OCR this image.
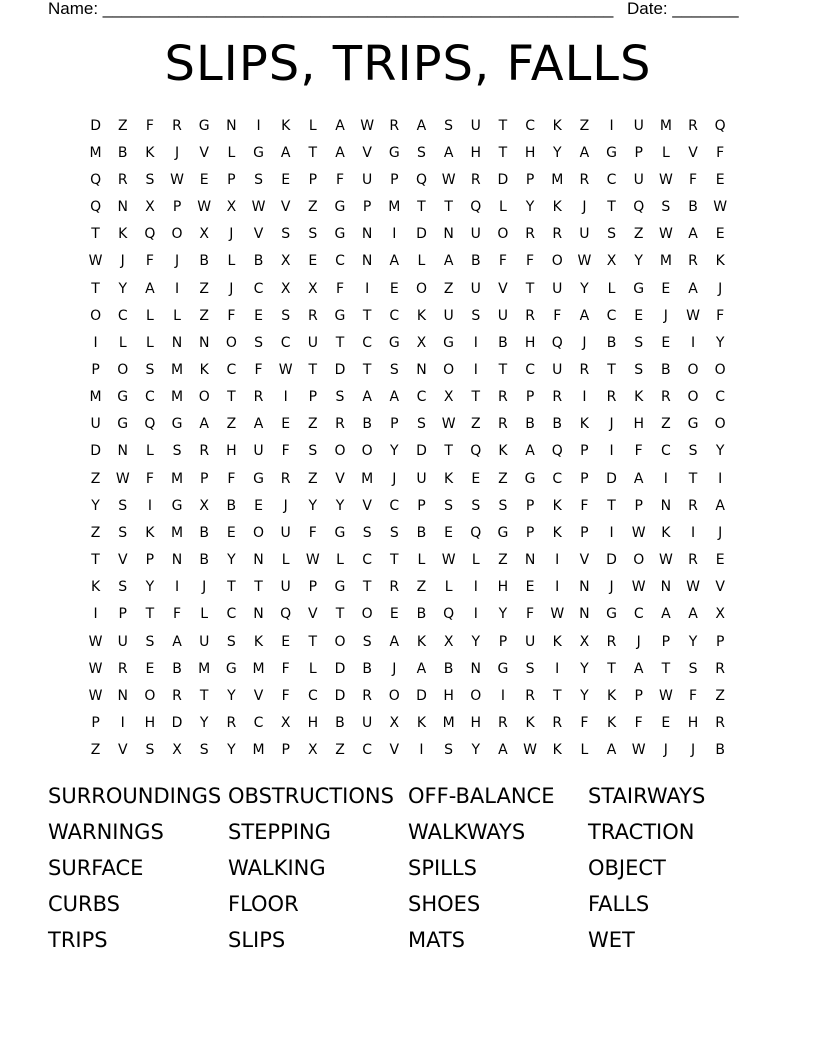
Name: ______________________________________________________ Date: _______
SLIPS, TRIPS, FALLS
D	Z	F	R	G	N	I	K	L	A	W	R	A	S	U	T	C	K	Z	I	U	M	R	Q
M	B	K	J	V	L	G	A	T	A	V	G	S	A	H	T	H	Y	A	G	P	L	V	F
Q	R	S	W	E	P	S	E	P	F	U	P	Q	W	R	D	P	M	R	C	U	W	F	E
Q	N	X	P	W	X	W	V	Z	G	P	M	T	T	Q	L	Y	K	J	T	Q	S	B	W
T	K	Q	O	X	J	V	S	S	G	N	I	D	N	U	O	R	R	U	S	Z	W	A	E
W	J	F	J	B	L	B	X	E	C	N	A	L	A	B	F	F	O	W	X	Y	M	R	K
T	Y	A	I	Z	J	C	X	X	F	I	E	O	Z	U	V	T	U	Y	L	G	E	A	J
O	C	L	L	Z	F	E	S	R	G	T	C	K	U	S	U	R	F	A	C	E	J	W	F
I	L	L	N	N	O	S	C	U	T	C	G	X	G	I	B	H	Q	J	B	S	E	I	Y
P	O	S	M	K	C	F	W	T	D	T	S	N	O	I	T	C	U	R	T	S	B	O	O
M	G	C	M	O	T	R	I	P	S	A	A	C	X	T	R	P	R	I	R	K	R	O	C
U	G	Q	G	A	Z	A	E	Z	R	B	P	S	W	Z	R	B	B	K	J	H	Z	G	O
D	N	L	S	R	H	U	F	S	O	O	Y	D	T	Q	K	A	Q	P	I	F	C	S	Y
Z	W	F	M	P	F	G	R	Z	V	M	J	U	K	E	Z	G	C	P	D	A	I	T	I
Y	S	I	G	X	B	E	J	Y	Y	V	C	P	S	S	S	P	K	F	T	P	N	R	A
Z	S	K	M	B	E	O	U	F	G	S	S	B	E	Q	G	P	K	P	I	W	K	I	J
T	V	P	N	B	Y	N	L	W	L	C	T	L	W	L	Z	N	I	V	D	O	W	R	E
K	S	Y	I	J	T	T	U	P	G	T	R	Z	L	I	H	E	I	N	J	W	N	W	V
I	P	T	F	L	C	N	Q	V	T	O	E	B	Q	I	Y	F	W	N	G	C	A	A	X
W	U	S	A	U	S	K	E	T	O	S	A	K	X	Y	P	U	K	X	R	J	P	Y	P
W	R	E	B	M	G	M	F	L	D	B	J	A	B	N	G	S	I	Y	T	A	T	S	R
W	N	O	R	T	Y	V	F	C	D	R	O	D	H	O	I	R	T	Y	K	P	W	F	Z
P	I	H	D	Y	R	C	X	H	B	U	X	K	M	H	R	K	R	F	K	F	E	H	R
Z	V	S	X	S	Y	M	P	X	Z	C	V	I	S	Y	A	W	K	L	A	W	J	J	B
SURROUNDINGS OBSTRUCTIONS OFF-BALANCE	STAIRWAYS
WARNINGS	STEPPING	WALKWAYS	TRACTION
SURFACE	WALKING	SPILLS	OBJECT
CURBS	FLOOR	SHOES	FALLS
TRIPS	SLIPS	MATS	WET
